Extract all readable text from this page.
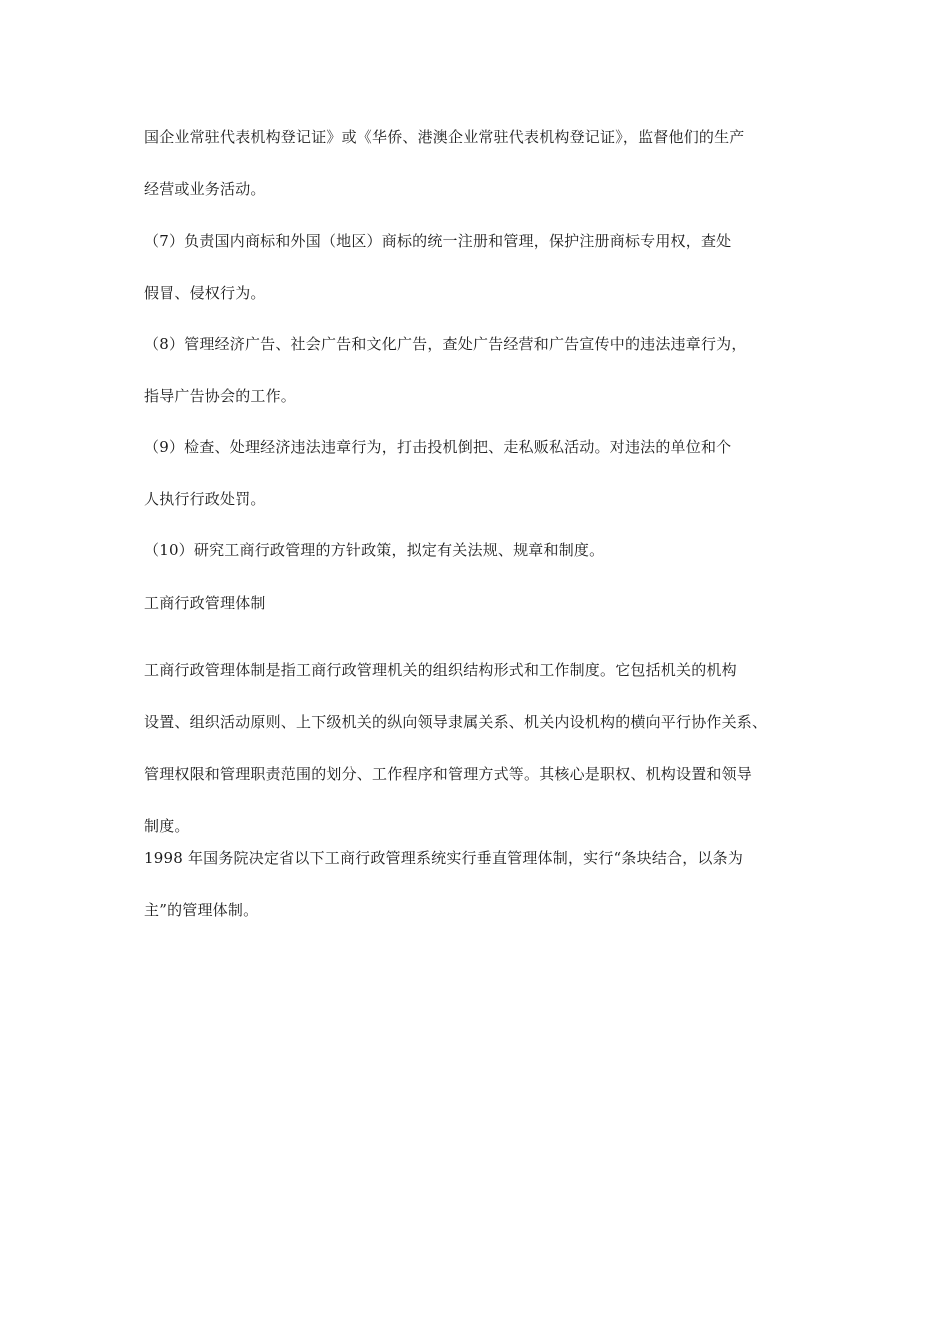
国企业常驻代表机构登记证》或《华侨、港澳企业常驻代表机构登记证》，监督他们的生产

经营或业务活动。

（7）负责国内商标和外国（地区）商标的统一注册和管理，保护注册商标专用权，查处

假冒、侵权行为。

（8）管理经济广告、社会广告和文化广告，查处广告经营和广告宣传中的违法违章行为，

指导广告协会的工作。

（9）检查、处理经济违法违章行为，打击投机倒把、走私贩私活动。对违法的单位和个

人执行行政处罚。

（10）研究工商行政管理的方针政策，拟定有关法规、规章和制度。

工商行政管理体制

工商行政管理体制是指工商行政管理机关的组织结构形式和工作制度。它包括机关的机构

设置、组织活动原则、上下级机关的纵向领导隶属关系、机关内设机构的横向平行协作关系、

管理权限和管理职责范围的划分、工作程序和管理方式等。其核心是职权、机构设置和领导

制度。

1998 年国务院决定省以下工商行政管理系统实行垂直管理体制，实行“条块结合，以条为

主”的管理体制。
